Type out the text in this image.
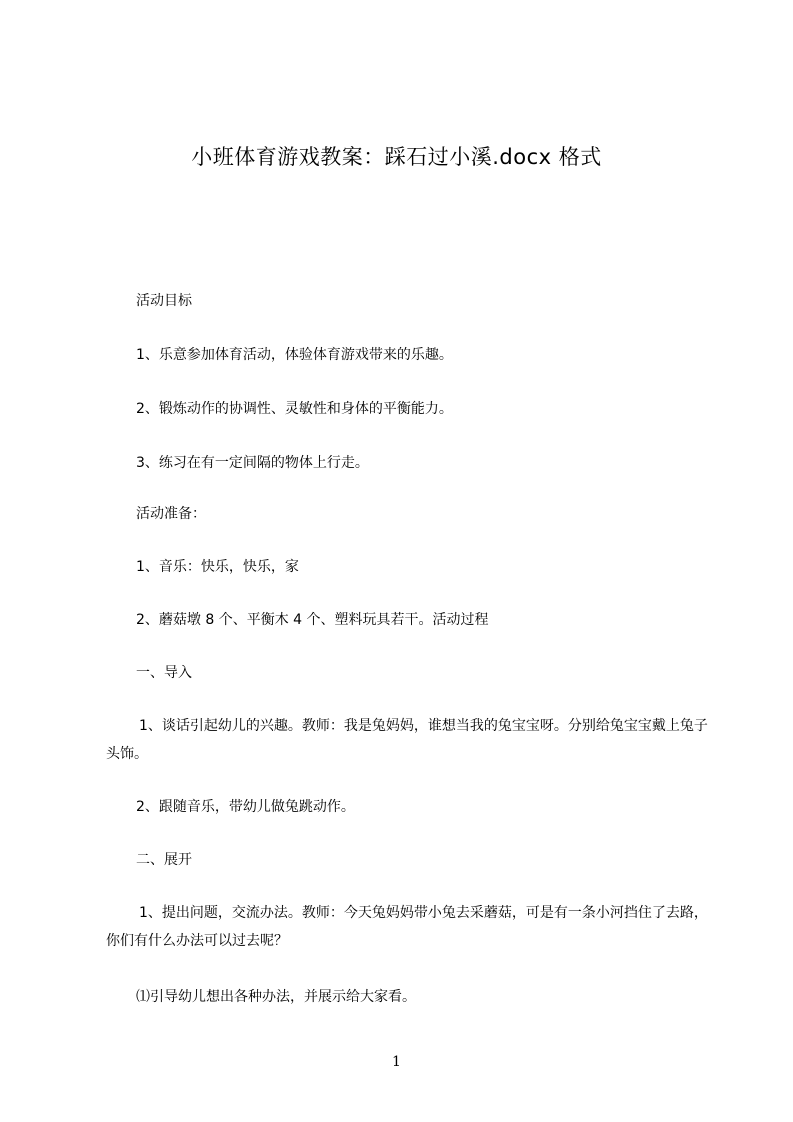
小班体育游戏教案：踩石过小溪.docx 格式
活动目标
1、乐意参加体育活动，体验体育游戏带来的乐趣。
2、锻炼动作的协调性、灵敏性和身体的平衡能力。
3、练习在有一定间隔的物体上行走。
活动准备：
1、音乐：快乐，快乐，家
2、蘑菇墩 8 个、平衡木 4 个、塑料玩具若干。活动过程
一、导入
1、谈话引起幼儿的兴趣。教师：我是兔妈妈，谁想当我的兔宝宝呀。分别给兔宝宝戴上兔子头饰。
2、跟随音乐，带幼儿做兔跳动作。
二、展开
1、提出问题，交流办法。教师：今天兔妈妈带小兔去采蘑菇，可是有一条小河挡住了去路，你们有什么办法可以过去呢？
⑴引导幼儿想出各种办法，并展示给大家看。
1
